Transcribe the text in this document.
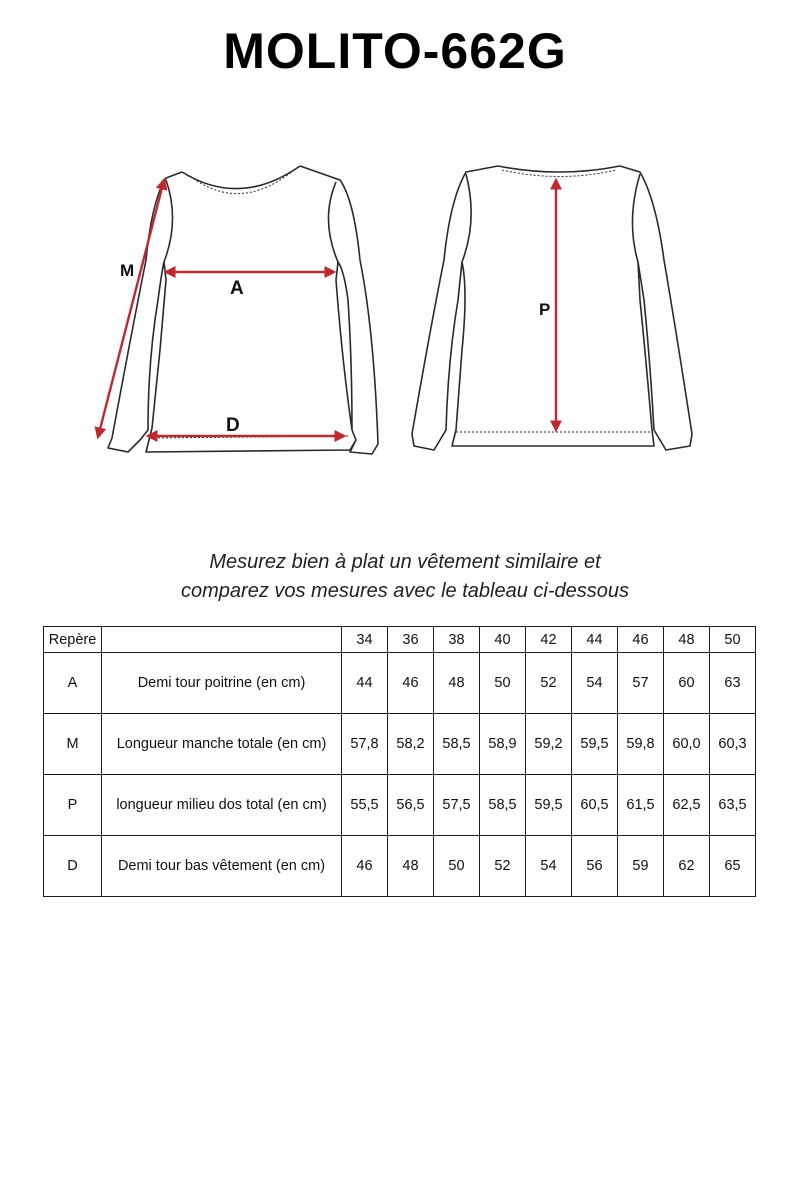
MOLITO-662G
M
A
D
P
Mesurez bien à plat un vêtement similaire et
comparez vos mesures avec le tableau ci-dessous
Repère		34	36	38	40	42	44	46	48	50
A	Demi tour poitrine (en cm)	44	46	48	50	52	54	57	60	63
M	Longueur manche totale (en cm)	57,8	58,2	58,5	58,9	59,2	59,5	59,8	60,0	60,3
P	longueur milieu dos total (en cm)	55,5	56,5	57,5	58,5	59,5	60,5	61,5	62,5	63,5
D	Demi tour bas vêtement (en cm)	46	48	50	52	54	56	59	62	65
